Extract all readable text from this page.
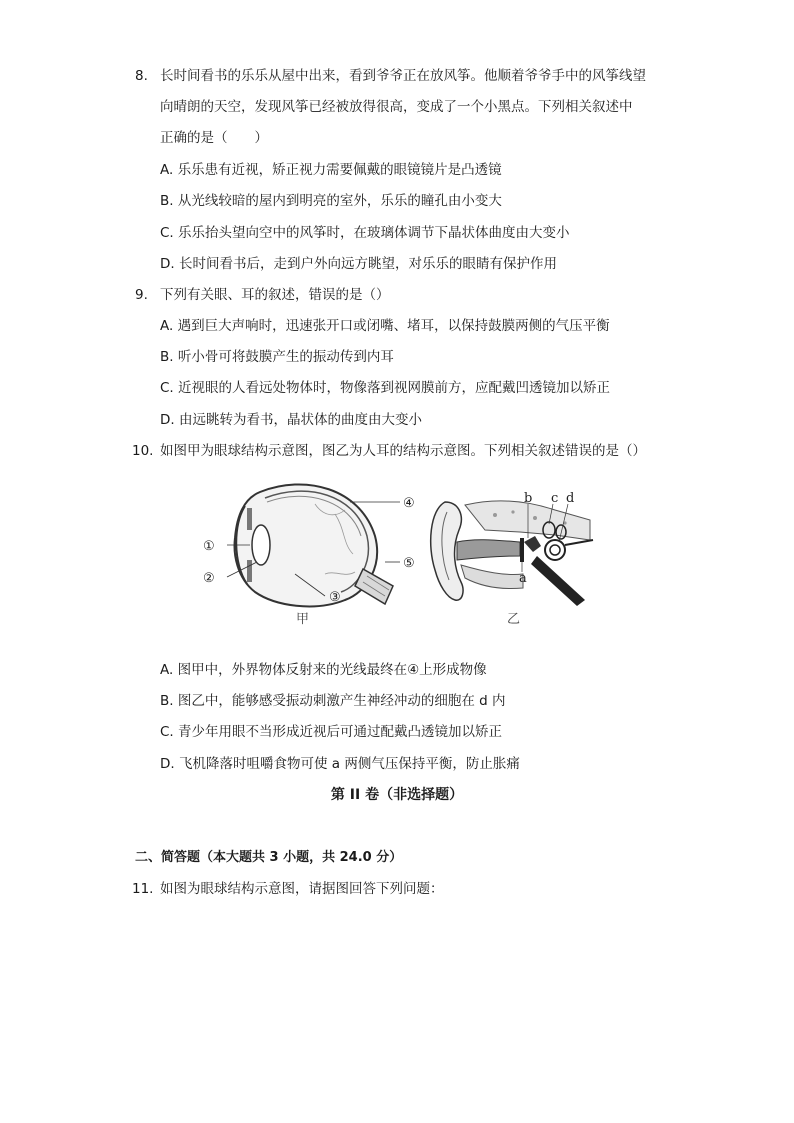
8. 长时间看书的乐乐从屋中出来，看到爷爷正在放风筝。他顺着爷爷手中的风筝线望
向晴朗的天空，发现风筝已经被放得很高，变成了一个小黑点。下列相关叙述中
正确的是（　　）
A. 乐乐患有近视，矫正视力需要佩戴的眼镜镜片是凸透镜
B. 从光线较暗的屋内到明亮的室外，乐乐的瞳孔由小变大
C. 乐乐抬头望向空中的风筝时，在玻璃体调节下晶状体曲度由大变小
D. 长时间看书后，走到户外向远方眺望，对乐乐的眼睛有保护作用
9. 下列有关眼、耳的叙述，错误的是（）
A. 遇到巨大声响时，迅速张开口或闭嘴、堵耳，以保持鼓膜两侧的气压平衡
B. 听小骨可将鼓膜产生的振动传到内耳
C. 近视眼的人看远处物体时，物像落到视网膜前方，应配戴凹透镜加以矫正
D. 由远眺转为看书，晶状体的曲度由大变小
10. 如图甲为眼球结构示意图，图乙为人耳的结构示意图。下列相关叙述错误的是（）
①
②
③
④
⑤
甲
b c d
a
乙
A. 图甲中，外界物体反射来的光线最终在④上形成物像
B. 图乙中，能够感受振动刺激产生神经冲动的细胞在 d 内
C. 青少年用眼不当形成近视后可通过配戴凸透镜加以矫正
D. 飞机降落时咀嚼食物可使 a 两侧气压保持平衡，防止胀痛
第 II 卷（非选择题）
二、简答题（本大题共 3 小题，共 24.0 分）
11. 如图为眼球结构示意图，请据图回答下列问题：
